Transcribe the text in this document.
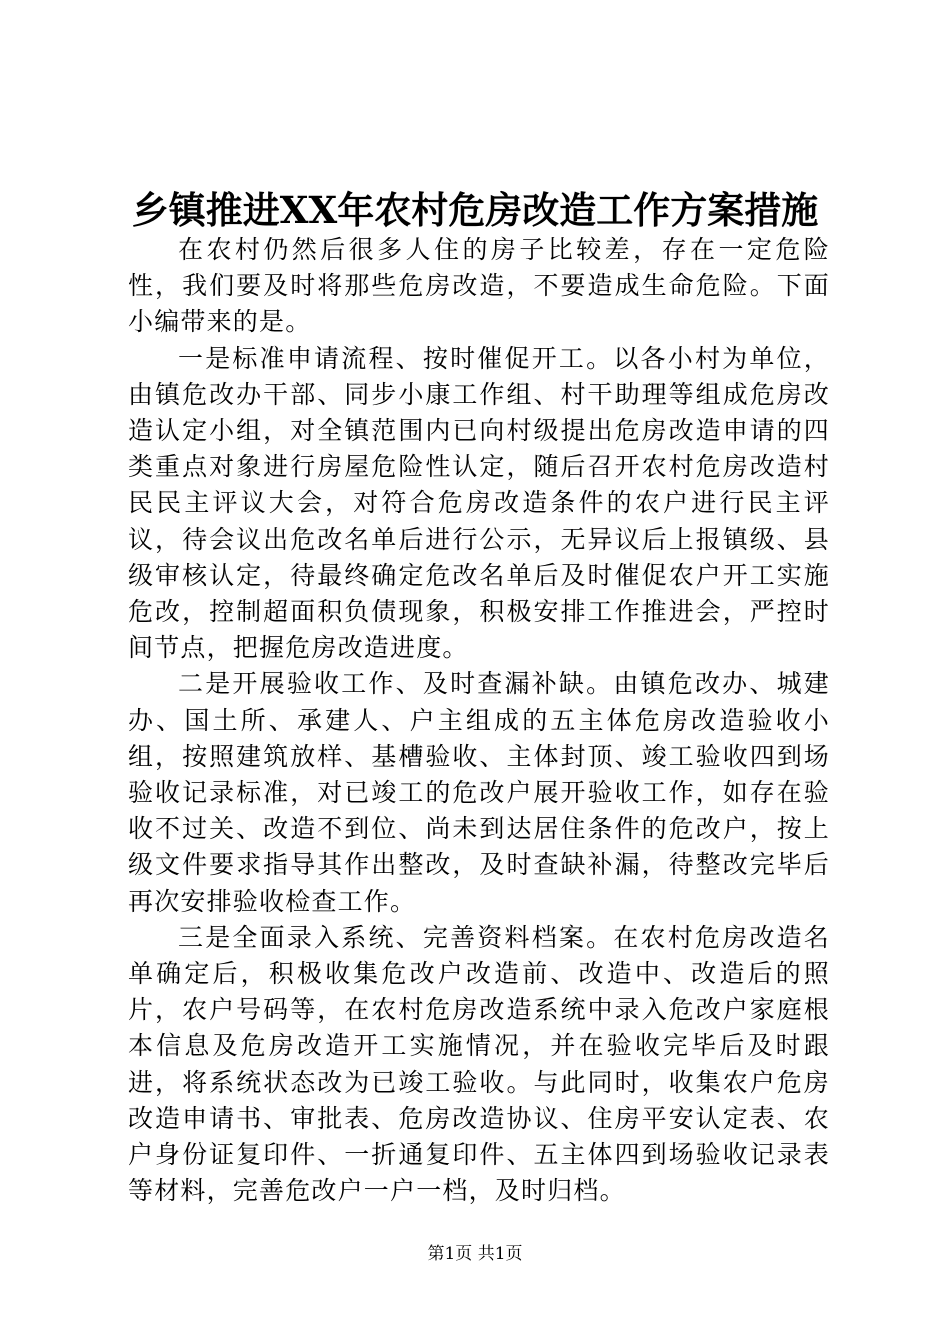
乡镇推进XX年农村危房改造工作方案措施

在农村仍然后很多人住的房子比较差，存在一定危险性，我们要及时将那些危房改造，不要造成生命危险。下面小编带来的是。

一是标准申请流程、按时催促开工。以各小村为单位，由镇危改办干部、同步小康工作组、村干助理等组成危房改造认定小组，对全镇范围内已向村级提出危房改造申请的四类重点对象进行房屋危险性认定，随后召开农村危房改造村民民主评议大会，对符合危房改造条件的农户进行民主评议，待会议出危改名单后进行公示，无异议后上报镇级、县级审核认定，待最终确定危改名单后及时催促农户开工实施危改，控制超面积负债现象，积极安排工作推进会，严控时间节点，把握危房改造进度。

二是开展验收工作、及时查漏补缺。由镇危改办、城建办、国土所、承建人、户主组成的五主体危房改造验收小组，按照建筑放样、基槽验收、主体封顶、竣工验收四到场验收记录标准，对已竣工的危改户展开验收工作，如存在验收不过关、改造不到位、尚未到达居住条件的危改户，按上级文件要求指导其作出整改，及时查缺补漏，待整改完毕后再次安排验收检查工作。

三是全面录入系统、完善资料档案。在农村危房改造名单确定后，积极收集危改户改造前、改造中、改造后的照片，农户号码等，在农村危房改造系统中录入危改户家庭根本信息及危房改造开工实施情况，并在验收完毕后及时跟进，将系统状态改为已竣工验收。与此同时，收集农户危房改造申请书、审批表、危房改造协议、住房平安认定表、农户身份证复印件、一折通复印件、五主体四到场验收记录表等材料，完善危改户一户一档，及时归档。

第1页 共1页
